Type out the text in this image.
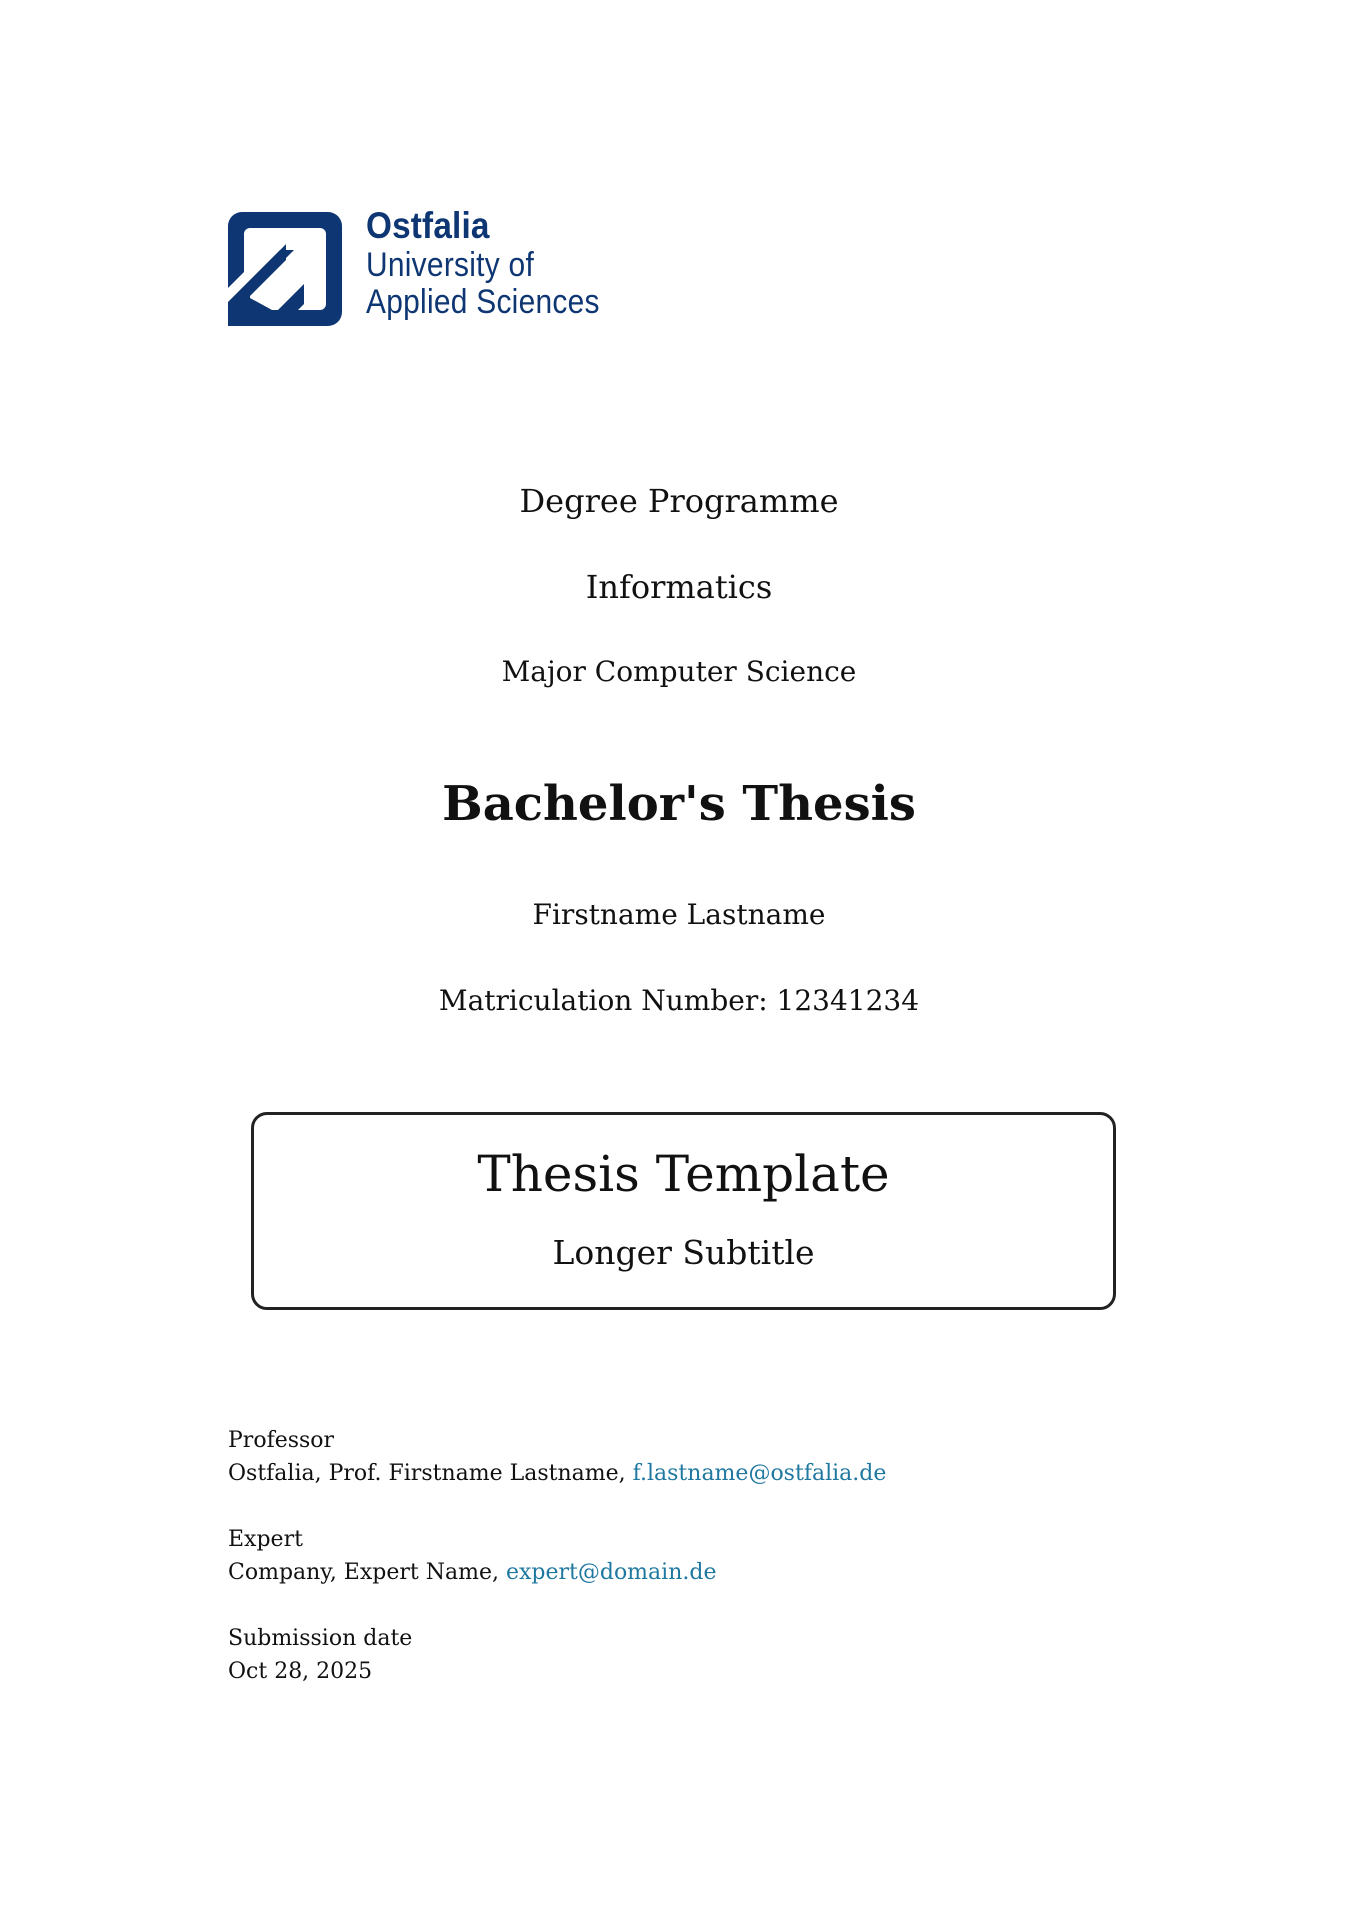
Ostfalia
University of
Applied Sciences
Degree Programme
Informatics
Major Computer Science
Bachelor's Thesis
Firstname Lastname
Matriculation Number: 12341234
Thesis Template
Longer Subtitle
Professor
Ostfalia, Prof. Firstname Lastname, f.lastname@ostfalia.de
Expert
Company, Expert Name, expert@domain.de
Submission date
Oct 28, 2025
